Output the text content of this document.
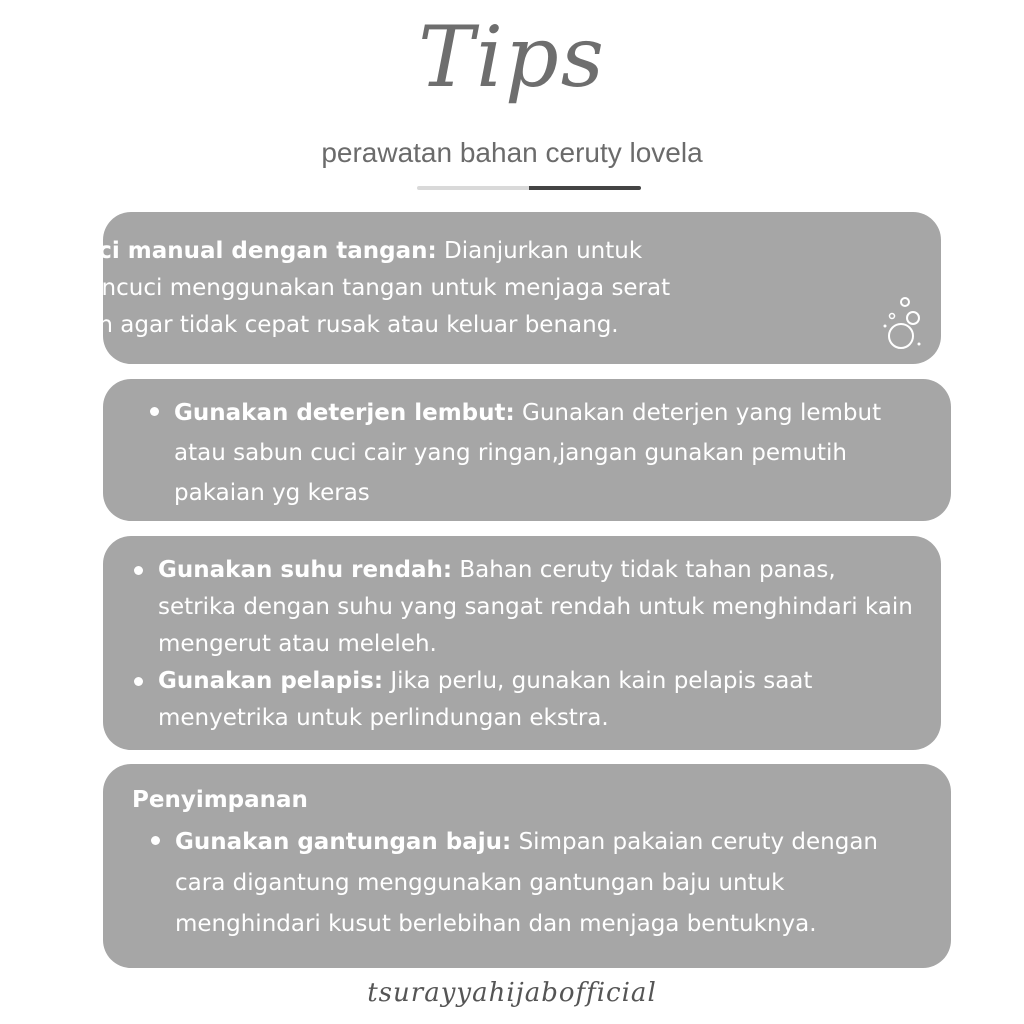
Tips
perawatan bahan ceruty lovela
Cuci manual dengan tangan: Dianjurkan untuk mencuci menggunakan tangan untuk menjaga serat kain agar tidak cepat rusak atau keluar benang.
Gunakan deterjen lembut: Gunakan deterjen yang lembut atau sabun cuci cair yang ringan,jangan gunakan pemutih pakaian yg keras
Gunakan suhu rendah: Bahan ceruty tidak tahan panas, setrika dengan suhu yang sangat rendah untuk menghindari kain mengerut atau meleleh.
Gunakan pelapis: Jika perlu, gunakan kain pelapis saat menyetrika untuk perlindungan ekstra.
Penyimpanan
Gunakan gantungan baju: Simpan pakaian ceruty dengan cara digantung menggunakan gantungan baju untuk menghindari kusut berlebihan dan menjaga bentuknya.
tsurayyahijabofficial
